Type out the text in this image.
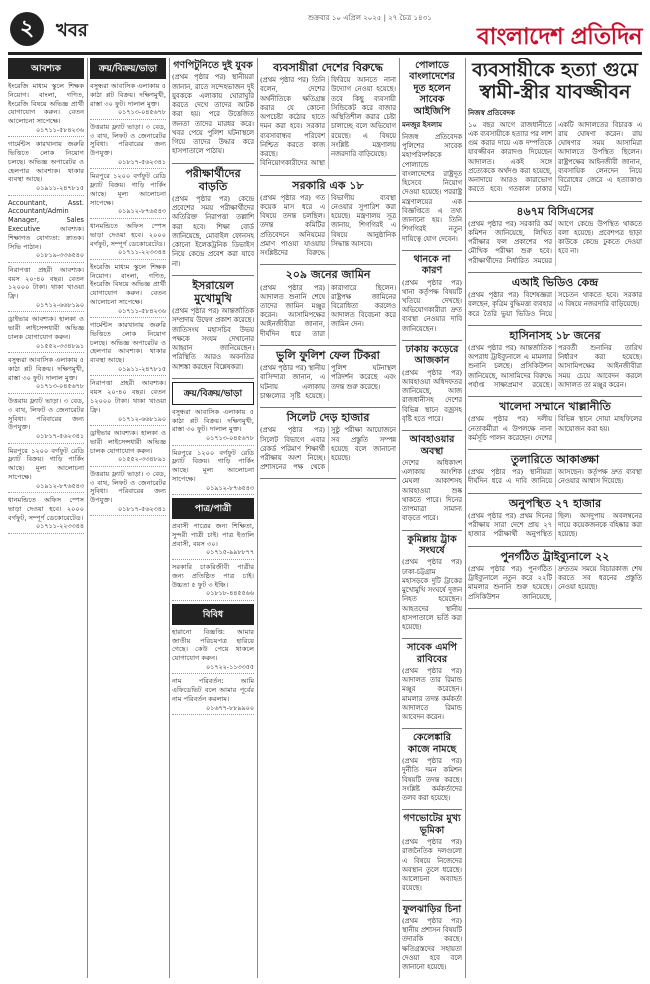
২	খবর
শুক্রবার ১০ এপ্রিল ২০২৫ | ২৭ চৈত্র ১৪৩১
বাংলাদেশ প্রতিদিন
আবশ্যক
ইংরেজি মাধ্যম স্কুলে শিক্ষক নিয়োগ। বাংলা, গণিত, ইংরেজি বিষয়ে অভিজ্ঞ প্রার্থী যোগাযোগ করুন। বেতন আলোচনা সাপেক্ষে।
০১৭১১-৫৮৪২৩৬
গার্মেন্টস কারখানায় জরুরি ভিত্তিতে লোক নিয়োগ চলছে। অভিজ্ঞ অপারেটর ও হেলপার আবশ্যক। থাকার ব্যবস্থা আছে।
০১৯১১-২৪৭৮১৫
Accountant, Asst. Accountant/Admin Manager, Sales Executive আবশ্যক। শিক্ষাগত যোগ্যতা: স্নাতক। সিভি পাঠান।
০১৮১৯-৩৩৬৫৪০
নিরাপত্তা প্রহরী আবশ্যক। বয়স ২০-৪০ বছর। বেতন ১২০০০ টাকা। থাকা খাওয়া ফ্রি।
০১৭১২-৬৬৮১৯০
ড্রাইভার আবশ্যক। হালকা ও ভারী লাইসেন্সধারী অভিজ্ঞ চালক যোগাযোগ করুন।
০১৫৫২-৩৩৪৮৯১
বসুন্ধরা আবাসিক এলাকায় ৫ কাঠা প্লট বিক্রয়। দক্ষিণমুখী, রাস্তা ৩০ ফুট। দালাল মুক্ত।
০১৭১৩-০৪৫৬৭৮
উত্তরায় ফ্ল্যাট ভাড়া। ৩ বেড, ৩ বাথ, লিফট ও জেনারেটর সুবিধা। পরিবারের জন্য উপযুক্ত।
০১৮১৭-৫৬২৩৪১
মিরপুরে ১২০০ বর্গফুট রেডি ফ্ল্যাট বিক্রয়। গাড়ি পার্কিং আছে। মূল্য আলোচনা সাপেক্ষে।
০১৯১২-৮৭৬৫৪৩
ধানমন্ডিতে অফিস স্পেস ভাড়া দেওয়া হবে। ২০০০ বর্গফুট, সম্পূর্ণ ডেকোরেটেড।
০১৭১১-২২৩৩৪৪
ক্রয়/বিক্রয়/ভাড়া
বসুন্ধরা আবাসিক এলাকায় ৫ কাঠা প্লট বিক্রয়। দক্ষিণমুখী, রাস্তা ৩০ ফুট। দালাল মুক্ত।
০১৭১৩-০৪৫৬৭৮
উত্তরায় ফ্ল্যাট ভাড়া। ৩ বেড, ৩ বাথ, লিফট ও জেনারেটর সুবিধা। পরিবারের জন্য উপযুক্ত।
০১৮১৭-৫৬২৩৪১
মিরপুরে ১২০০ বর্গফুট রেডি ফ্ল্যাট বিক্রয়। গাড়ি পার্কিং আছে। মূল্য আলোচনা সাপেক্ষে।
০১৯১২-৮৭৬৫৪৩
ধানমন্ডিতে অফিস স্পেস ভাড়া দেওয়া হবে। ২০০০ বর্গফুট, সম্পূর্ণ ডেকোরেটেড।
০১৭১১-২২৩৩৪৪
ইংরেজি মাধ্যম স্কুলে শিক্ষক নিয়োগ। বাংলা, গণিত, ইংরেজি বিষয়ে অভিজ্ঞ প্রার্থী যোগাযোগ করুন। বেতন আলোচনা সাপেক্ষে।
০১৭১১-৫৮৪২৩৬
গার্মেন্টস কারখানায় জরুরি ভিত্তিতে লোক নিয়োগ চলছে। অভিজ্ঞ অপারেটর ও হেলপার আবশ্যক। থাকার ব্যবস্থা আছে।
০১৯১১-২৪৭৮১৫
নিরাপত্তা প্রহরী আবশ্যক। বয়স ২০-৪০ বছর। বেতন ১২০০০ টাকা। থাকা খাওয়া ফ্রি।
০১৭১২-৬৬৮১৯০
ড্রাইভার আবশ্যক। হালকা ও ভারী লাইসেন্সধারী অভিজ্ঞ চালক যোগাযোগ করুন।
০১৫৫২-৩৩৪৮৯১
উত্তরায় ফ্ল্যাট ভাড়া। ৩ বেড, ৩ বাথ, লিফট ও জেনারেটর সুবিধা। পরিবারের জন্য উপযুক্ত।
০১৮১৭-৫৬২৩৪১
গণপিটুনিতে দুই যুবক
(প্রথম পৃষ্ঠার পর) স্থানীয়রা জানান, রাতে সন্দেহভাজন দুই যুবককে এলাকায় ঘোরাঘুরি করতে দেখে তাদের আটক করা হয়। পরে উত্তেজিত জনতা তাদের মারধর করে। খবর পেয়ে পুলিশ ঘটনাস্থলে গিয়ে তাদের উদ্ধার করে হাসপাতালে পাঠায়।
পরীক্ষার্থীদের বাড়তি
(প্রথম পৃষ্ঠার পর) কেন্দ্রে প্রবেশের সময় পরীক্ষার্থীদের অতিরিক্ত নিরাপত্তা তল্লাশি করা হবে। শিক্ষা বোর্ড জানিয়েছে, মোবাইল ফোনসহ কোনো ইলেকট্রনিক ডিভাইস নিয়ে কেন্দ্রে প্রবেশ করা যাবে না।
ইসরায়েল মুখোমুখি
(প্রথম পৃষ্ঠার পর) আন্তর্জাতিক সম্প্রদায় উদ্বেগ প্রকাশ করেছে। জাতিসংঘ মহাসচিব উভয় পক্ষকে সংযম দেখানোর আহ্বান জানিয়েছেন। পরিস্থিতি আরও অবনতির আশঙ্কা করছেন বিশ্লেষকরা।
ক্রয়/বিক্রয়/ভাড়া
বসুন্ধরা আবাসিক এলাকায় ৫ কাঠা প্লট বিক্রয়। দক্ষিণমুখী, রাস্তা ৩০ ফুট। দালাল মুক্ত।
০১৭১৩-০৪৫৬৭৮
মিরপুরে ১২০০ বর্গফুট রেডি ফ্ল্যাট বিক্রয়। গাড়ি পার্কিং আছে। মূল্য আলোচনা সাপেক্ষে।
০১৯১২-৮৭৬৫৪৩
পাত্র/পাত্রী
প্রবাসী পাত্রের জন্য শিক্ষিতা, সুন্দরী পাত্রী চাই। পাত্র ইতালি প্রবাসী, বয়স ৩০।
০১৭১৫-৯৯৮৮৭৭
সরকারি চাকরিজীবী পাত্রীর জন্য প্রতিষ্ঠিত পাত্র চাই। উচ্চতা ৫ ফুট ৩ ইঞ্চি।
০১৮১৮-৪৪৫৫৬৬
বিবিধ
হারানো বিজ্ঞপ্তি: আমার জাতীয় পরিচয়পত্র হারিয়ে গেছে। কেউ পেয়ে থাকলে যোগাযোগ করুন।
০১৭২২-১১৩৩৫৫
নাম পরিবর্তন: আমি এফিডেভিট বলে আমার পূর্বের নাম পরিবর্তন করলাম।
০১৬৭৭-৮৮৯৯০০
ব্যবসায়ীরা দেশের বিরুদ্ধে
(প্রথম পৃষ্ঠার পর) তিনি বলেন, দেশের অর্থনীতিকে ক্ষতিগ্রস্ত করার যে কোনো অপচেষ্টা কঠোর হাতে দমন করা হবে। সরকার ব্যবসাবান্ধব পরিবেশ নিশ্চিত করতে কাজ করছে। বিনিয়োগকারীদের আস্থা ফিরিয়ে আনতে নানা উদ্যোগ নেওয়া হয়েছে। তবে কিছু ব্যবসায়ী সিন্ডিকেট করে বাজার অস্থিতিশীল করার চেষ্টা চালাচ্ছে বলে অভিযোগ রয়েছে। এ বিষয়ে সংশ্লিষ্ট মন্ত্রণালয় নজরদারি বাড়িয়েছে।
সরকারি এক ১৮
(প্রথম পৃষ্ঠার পর) গত কয়েক মাস ধরে এ বিষয়ে তদন্ত চলছিল। তদন্ত কমিটির প্রতিবেদনে অনিয়মের প্রমাণ পাওয়া যাওয়ায় সংশ্লিষ্টদের বিরুদ্ধে বিভাগীয় ব্যবস্থা নেওয়ার সুপারিশ করা হয়েছে। মন্ত্রণালয় সূত্র জানায়, শিগগিরই এ বিষয়ে আনুষ্ঠানিক সিদ্ধান্ত আসবে।
২০৯ জনের জামিন
(প্রথম পৃষ্ঠার পর) আদালত শুনানি শেষে তাদের জামিন মঞ্জুর করেন। আসামিপক্ষের আইনজীবীরা জানান, দীর্ঘদিন ধরে তারা কারাগারে ছিলেন। রাষ্ট্রপক্ষ জামিনের বিরোধিতা করলেও আদালত বিবেচনা করে জামিন দেন।
ভুলি ফুলিশ ফেল টিকরা
(প্রথম পৃষ্ঠার পর) স্থানীয় বাসিন্দারা জানান, এ ঘটনায় এলাকায় চাঞ্চল্যের সৃষ্টি হয়েছে। পুলিশ ঘটনাস্থল পরিদর্শন করেছে এবং তদন্ত শুরু করেছে।
সিলেট দেড় হাজার
(প্রথম পৃষ্ঠার পর) সিলেট বিভাগে এবার রেকর্ড পরিমাণ শিক্ষার্থী পরীক্ষায় অংশ নিচ্ছে। প্রশাসনের পক্ষ থেকে সুষ্ঠু পরীক্ষা আয়োজনে সব প্রস্তুতি সম্পন্ন হয়েছে বলে জানানো হয়েছে।
পোলাডে বাংলাদেশের দূত হলেন সাবেক আইজিপি
মনজুর ইসলাম
নিজস্ব প্রতিবেদক পুলিশের সাবেক মহাপরিদর্শককে পোল্যান্ডে বাংলাদেশের রাষ্ট্রদূত হিসেবে নিয়োগ দেওয়া হয়েছে। পররাষ্ট্র মন্ত্রণালয়ের এক বিজ্ঞপ্তিতে এ তথ্য জানানো হয়। তিনি শিগগিরই নতুন দায়িত্বে যোগ দেবেন।
থানকে না কারণ
(প্রথম পৃষ্ঠার পর) থানা কর্তৃপক্ষ বিষয়টি খতিয়ে দেখছে। অভিযোগকারীরা দ্রুত ব্যবস্থা নেওয়ার দাবি জানিয়েছেন।
ঢাকায় কড়েরে আজকান
(প্রথম পৃষ্ঠার পর) আবহাওয়া অধিদফতর জানিয়েছে, আজ রাজধানীসহ দেশের বিভিন্ন স্থানে বজ্রসহ বৃষ্টি হতে পারে।
আবহাওয়ার অবস্থা
দেশের অধিকাংশ এলাকায় আংশিক মেঘলা আকাশসহ আবহাওয়া শুষ্ক থাকতে পারে। দিনের তাপমাত্রা সামান্য বাড়তে পারে।
কুমিল্লায় ট্রাক সংঘর্ষে
(প্রথম পৃষ্ঠার পর) ঢাকা-চট্টগ্রাম মহাসড়কে দুটি ট্রাকের মুখোমুখি সংঘর্ষে দুজন নিহত হয়েছেন। আহতদের স্থানীয় হাসপাতালে ভর্তি করা হয়েছে।
সাবেক এমপি রাবিবের
(প্রথম পৃষ্ঠার পর) আদালত তার রিমান্ড মঞ্জুর করেছেন। মামলার তদন্ত কর্মকর্তা আদালতে রিমান্ড আবেদন করেন।
কেলেঙ্কারি কাজে নামছে
(প্রথম পৃষ্ঠার পর) দুর্নীতি দমন কমিশন বিষয়টি তদন্ত করছে। সংশ্লিষ্ট কর্মকর্তাদের তলব করা হয়েছে।
গণভোটের মুখ্য ভূমিকা
(প্রথম পৃষ্ঠার পর) রাজনৈতিক দলগুলো এ বিষয়ে নিজেদের অবস্থান তুলে ধরেছে। আলোচনা অব্যাহত রয়েছে।
ফুলঝাড়ির চিনা
(প্রথম পৃষ্ঠার পর) স্থানীয় প্রশাসন বিষয়টি তদারকি করছে। ক্ষতিগ্রস্তদের সহায়তা দেওয়া হবে বলে জানানো হয়েছে।
ব্যবসায়ীকে হত্যা গুমে স্বামী-স্ত্রীর যাবজ্জীবন
নিজস্ব প্রতিবেদক
১০ বছর আগে রাজধানীতে এক ব্যবসায়ীকে হত্যার পর লাশ গুম করার দায়ে এক দম্পতিকে যাবজ্জীবন কারাদণ্ড দিয়েছেন আদালত। একই সঙ্গে প্রত্যেককে অর্থদণ্ড করা হয়েছে, অনাদায়ে আরও কারাভোগ করতে হবে। গতকাল ঢাকার একটি আদালতের বিচারক এ রায় ঘোষণা করেন। রায় ঘোষণার সময় আসামিরা আদালতে উপস্থিত ছিলেন। রাষ্ট্রপক্ষের আইনজীবী জানান, ব্যবসায়িক লেনদেন নিয়ে বিরোধের জেরে এ হত্যাকাণ্ড ঘটে।
৪৬৭ম বিসিএসের
(প্রথম পৃষ্ঠার পর) সরকারি কর্ম কমিশন জানিয়েছে, লিখিত পরীক্ষার ফল প্রকাশের পর মৌখিক পরীক্ষা শুরু হবে। পরীক্ষার্থীদের নির্ধারিত সময়ের আগে কেন্দ্রে উপস্থিত থাকতে বলা হয়েছে। প্রবেশপত্র ছাড়া কাউকে কেন্দ্রে ঢুকতে দেওয়া হবে না।
এআই ভিডিও কেন্দ্র
(প্রথম পৃষ্ঠার পর) বিশেষজ্ঞরা বলছেন, কৃত্রিম বুদ্ধিমত্তা ব্যবহার করে তৈরি ভুয়া ভিডিও নিয়ে সচেতন থাকতে হবে। সরকার এ বিষয়ে নজরদারি বাড়িয়েছে।
হাসিনাসহ ১৮ জনের
(প্রথম পৃষ্ঠার পর) আন্তর্জাতিক অপরাধ ট্রাইব্যুনালে এ মামলার শুনানি চলছে। প্রসিকিউশন জানিয়েছে, আসামিদের বিরুদ্ধে পর্যাপ্ত সাক্ষ্যপ্রমাণ রয়েছে। পরবর্তী শুনানির তারিখ নির্ধারণ করা হয়েছে। আসামিপক্ষের আইনজীবীরা সময় চেয়ে আবেদন করলে আদালত তা মঞ্জুর করেন।
খালেদা সম্মানে খাল্লানীতি
(প্রথম পৃষ্ঠার পর) দলীয় নেতাকর্মীরা এ উপলক্ষে নানা কর্মসূচি পালন করেছেন। দেশের বিভিন্ন স্থানে দোয়া মাহফিলের আয়োজন করা হয়।
তুলারিতে আকাঙ্ক্ষা
(প্রথম পৃষ্ঠার পর) স্থানীয়রা দীর্ঘদিন ধরে এ দাবি জানিয়ে আসছেন। কর্তৃপক্ষ দ্রুত ব্যবস্থা নেওয়ার আশ্বাস দিয়েছে।
অনুপস্থিত ২৭ হাজার
(প্রথম পৃষ্ঠার পর) প্রথম দিনের পরীক্ষায় সারা দেশে প্রায় ২৭ হাজার পরীক্ষার্থী অনুপস্থিত ছিল। অসদুপায় অবলম্বনের দায়ে কয়েকজনকে বহিষ্কার করা হয়েছে।
পুনর্গঠিত ট্রাইব্যুনালে ২২
(প্রথম পৃষ্ঠার পর) পুনর্গঠিত ট্রাইব্যুনালে নতুন করে ২২টি মামলার শুনানি শুরু হয়েছে। প্রসিকিউশন জানিয়েছে, দ্রুততম সময়ে বিচারকাজ শেষ করতে সব ধরনের প্রস্তুতি নেওয়া হয়েছে।
